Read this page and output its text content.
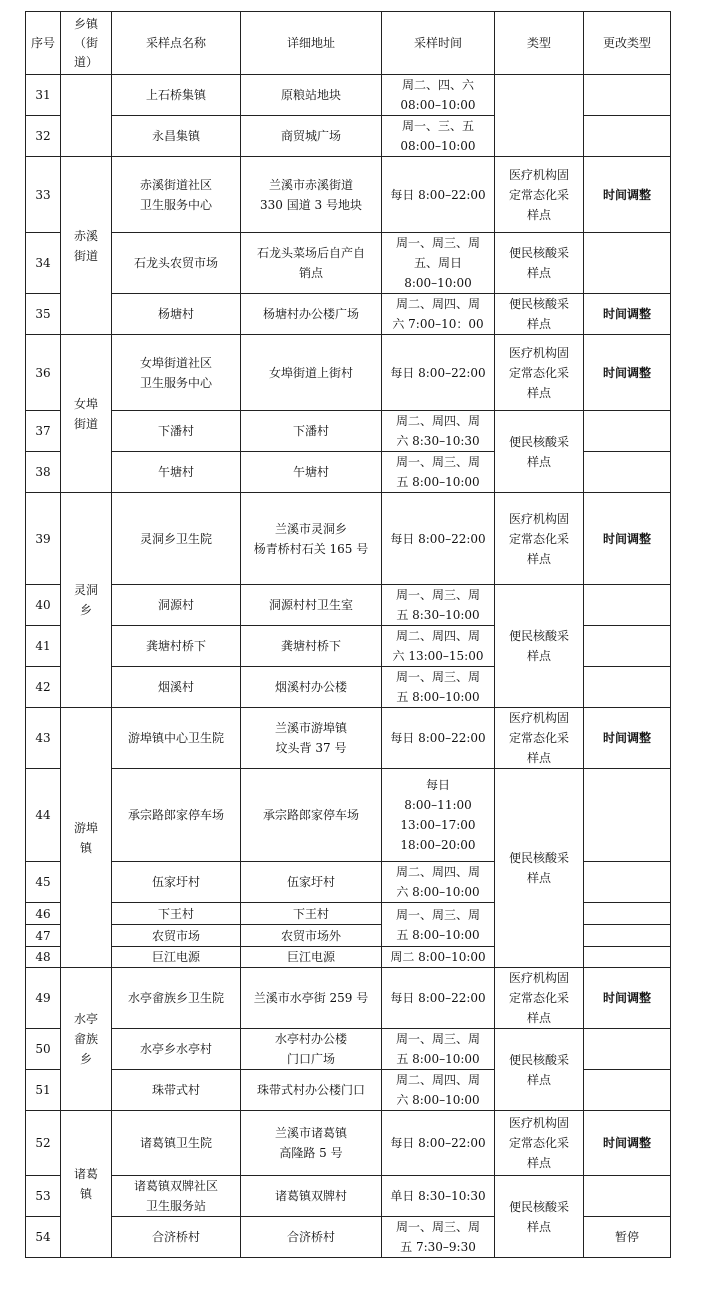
序号	乡镇
（街
道）	采样点名称	详细地址	采样时间	类型	更改类型
31		上石桥集镇	原粮站地块	周二、四、六
08:00–10:00		
32		永昌集镇	商贸城广场	周一、三、五
08:00–10:00		
33	赤溪
街道	赤溪街道社区
卫生服务中心	兰溪市赤溪街道
330 国道 3 号地块	每日 8:00–22:00	医疗机构固
定常态化采
样点	时间调整
34		石龙头农贸市场	石龙头菜场后自产自
销点	周一、周三、周
五、周日
8:00–10:00	便民核酸采
样点	
35		杨塘村	杨塘村办公楼广场	周二、周四、周
六 7:00–10：00	便民核酸采
样点	时间调整
36	女埠
街道	女埠街道社区
卫生服务中心	女埠街道上街村	每日 8:00–22:00	医疗机构固
定常态化采
样点	时间调整
37		下潘村	下潘村	周二、周四、周
六 8:30–10:30	便民核酸采
样点	
38		午塘村	午塘村	周一、周三、周
五 8:00–10:00		
39	灵洞
乡	灵洞乡卫生院	兰溪市灵洞乡
杨青桥村石关 165 号	每日 8:00–22:00	医疗机构固
定常态化采
样点	时间调整
40		洞源村	洞源村村卫生室	周一、周三、周
五 8:30–10:00	便民核酸采
样点	
41		龚塘村桥下	龚塘村桥下	周二、周四、周
六 13:00–15:00		
42		烟溪村	烟溪村办公楼	周一、周三、周
五 8:00–10:00		
43	游埠
镇	游埠镇中心卫生院	兰溪市游埠镇
坟头背 37 号	每日 8:00–22:00	医疗机构固
定常态化采
样点	时间调整
44		承宗路郎家停车场	承宗路郎家停车场	每日
8:00–11:00
13:00–17:00
18:00–20:00	便民核酸采
样点	
45		伍家圩村	伍家圩村	周二、周四、周
六 8:00–10:00		
46		下王村	下王村	周一、周三、周
五 8:00–10:00		
47		农贸市场	农贸市场外			
48		巨江电源	巨江电源	周二 8:00–10:00		
49	水亭
畲族
乡	水亭畲族乡卫生院	兰溪市水亭街 259 号	每日 8:00–22:00	医疗机构固
定常态化采
样点	时间调整
50		水亭乡水亭村	水亭村办公楼
门口广场	周一、周三、周
五 8:00–10:00	便民核酸采
样点	
51		珠带式村	珠带式村办公楼门口	周二、周四、周
六 8:00–10:00		
52	诸葛
镇	诸葛镇卫生院	兰溪市诸葛镇
高隆路 5 号	每日 8:00–22:00	医疗机构固
定常态化采
样点	时间调整
53		诸葛镇双牌社区
卫生服务站	诸葛镇双牌村	单日 8:30–10:30	便民核酸采
样点	
54		合济桥村	合济桥村	周一、周三、周
五 7:30–9:30		暂停
